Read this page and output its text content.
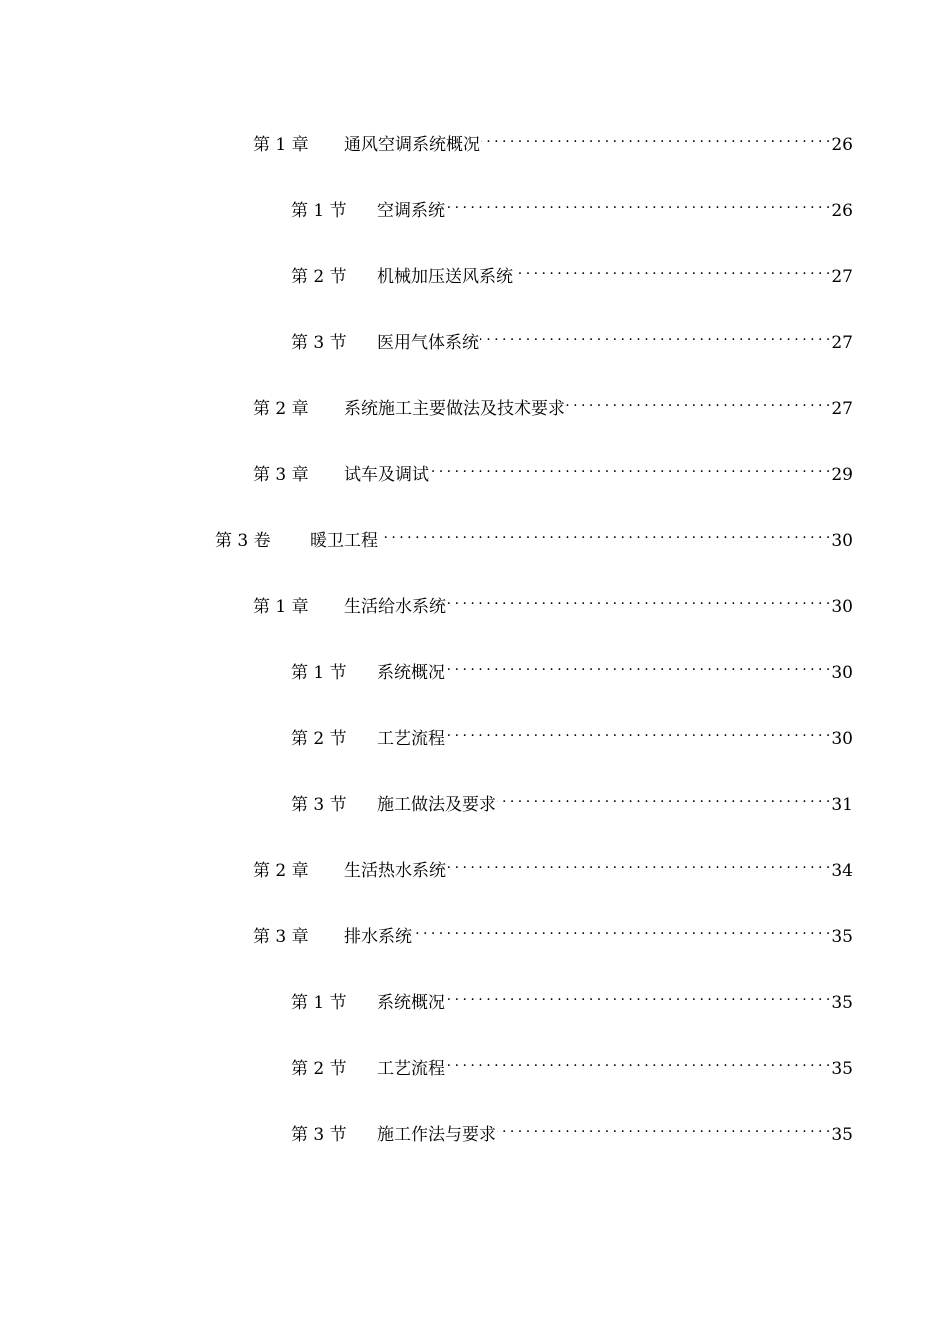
第 1 章	通风空调系统概况 . . .	26
第 1 节	空调系统 . . .	26
第 2 节	机械加压送风系统 . . .	27
第 3 节	医用气体系统 . . .	27
第 2 章	系统施工主要做法及技术要求 . . .	27
第 3 章	试车及调试 . . .	29
第 3 卷	暖卫工程 . . .	30
第 1 章	生活给水系统 . . .	30
第 1 节	系统概况 . . .	30
第 2 节	工艺流程 . . .	30
第 3 节	施工做法及要求 . . .	31
第 2 章	生活热水系统 . . .	34
第 3 章	排水系统 . . .	35
第 1 节	系统概况 . . .	35
第 2 节	工艺流程 . . .	35
第 3 节	施工作法与要求 . . .	35
